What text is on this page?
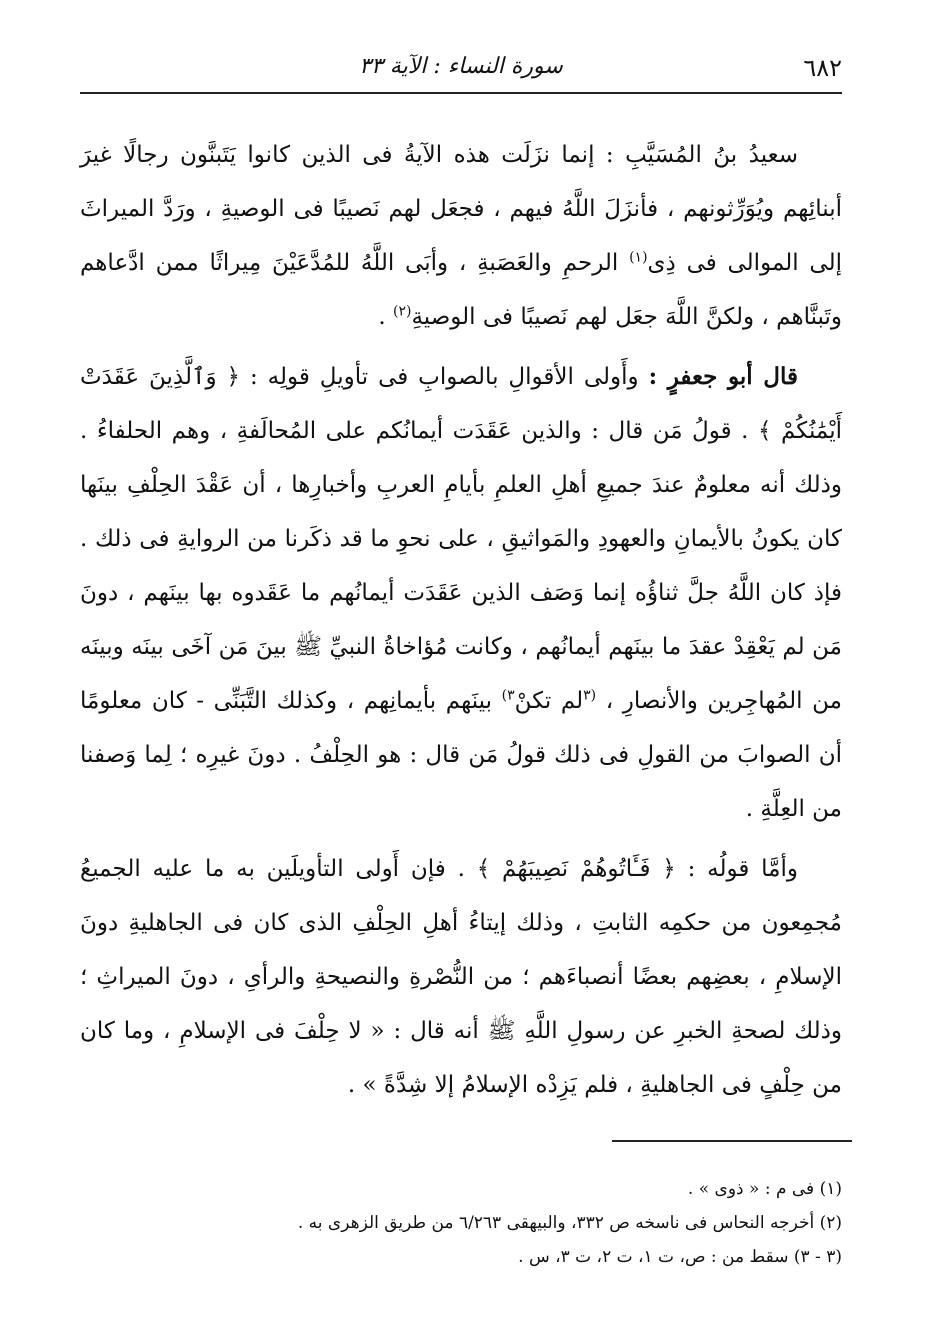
٦٨٢
سورة النساء : الآية ٣٣

سعيدُ بنُ المُسَيَّبِ : إنما نزَلَت هذه الآيةُ فى الذين كانوا يَتَبنَّون رجالًا غيرَ أبنائِهم ويُوَرِّثونهم ، فأنزَلَ اللَّهُ فيهم ، فجعَل لهم نَصيبًا فى الوصيةِ ، ورَدَّ الميراثَ إلى الموالى فى ذِى$^{(١)}$ الرحمِ والعَصَبةِ ، وأبَى اللَّهُ للمُدَّعَيْنَ مِيراثًا ممن ادَّعاهم وتَبنَّاهم ، ولكنَّ اللَّهَ جعَل لهم نَصيبًا فى الوصيةِ$^{(٢)}$ .

قال أبو جعفرٍ : وأَولى الأقوالِ بالصوابِ فى تأويلِ قولِه : ﴿ وَٱلَّذِينَ عَقَدَتْ أَيْمَٰنُكُمْ ﴾ . قولُ مَن قال : والذين عَقَدَت أيمانُكم على المُحالَفةِ ، وهم الحلفاءُ . وذلك أنه معلومٌ عندَ جميعِ أهلِ العلمِ بأيامِ العربِ وأخبارِها ، أن عَقْدَ الحِلْفِ بينَها كان يكونُ بالأيمانِ والعهودِ والمَواثيقِ ، على نحوِ ما قد ذكَرنا من الروايةِ فى ذلك . فإذ كان اللَّهُ جلَّ ثناؤُه إنما وَصَف الذين عَقَدَت أيمانُهم ما عَقَدوه بها بينَهم ، دونَ مَن لم يَعْقِدْ عقدَ ما بينَهم أيمانُهم ، وكانت مُؤاخاةُ النبيِّ ﷺ بينَ مَن آخَى بينَه وبينَه من المُهاجِرين والأنصارِ ، $^{(٣}$لم تكنْ$^{٣)}$ بينَهم بأيمانِهم ، وكذلك التَّبَنِّى - كان معلومًا أن الصوابَ من القولِ فى ذلك قولُ مَن قال : هو الحِلْفُ . دونَ غيرِه ؛ لِما وَصفنا من العِلَّةِ .

وأمَّا قولُه : ﴿ فَـَٔاتُوهُمْ نَصِيبَهُمْ ﴾ . فإن أَولى التأويلَين به ما عليه الجميعُ مُجمِعون من حكمِه الثابتِ ، وذلك إيتاءُ أهلِ الحِلْفِ الذى كان فى الجاهليةِ دونَ الإسلامِ ، بعضِهم بعضًا أنصباءَهم ؛ من النُّصْرةِ والنصيحةِ والرأىِ ، دونَ الميراثِ ؛ وذلك لصحةِ الخبرِ عن رسولِ اللَّهِ ﷺ أنه قال : « لا حِلْفَ فى الإسلامِ ، وما كان من حِلْفٍ فى الجاهليةِ ، فلم يَزِدْه الإسلامُ إلا شِدَّةً » .

(١) فى م : « ذوى » .

(٢) أخرجه النحاس فى ناسخه ص ٣٣٢، والبيهقى ٦/٢٦٣ من طريق الزهرى به .

(٣ - ٣) سقط من : ص، ت ١، ت ٢، ت ٣، س .
